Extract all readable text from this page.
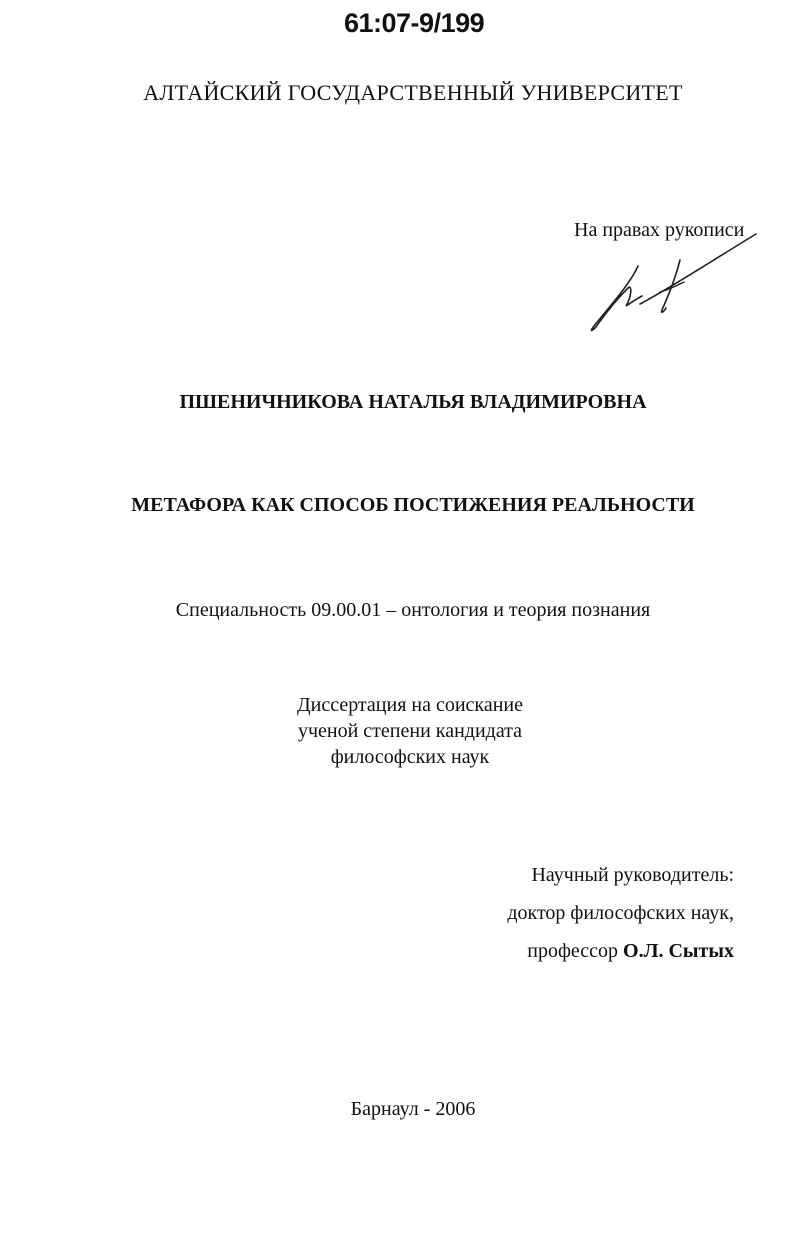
61:07-9/199
АЛТАЙСКИЙ ГОСУДАРСТВЕННЫЙ УНИВЕРСИТЕТ
На правах рукописи
ПШЕНИЧНИКОВА НАТАЛЬЯ ВЛАДИМИРОВНА
МЕТАФОРА КАК СПОСОБ ПОСТИЖЕНИЯ РЕАЛЬНОСТИ
Специальность 09.00.01 – онтология и теория познания
Диссертация на соискание
ученой степени кандидата
философских наук
Научный руководитель:
доктор философских наук,
профессор О.Л. Сытых
Барнаул - 2006
